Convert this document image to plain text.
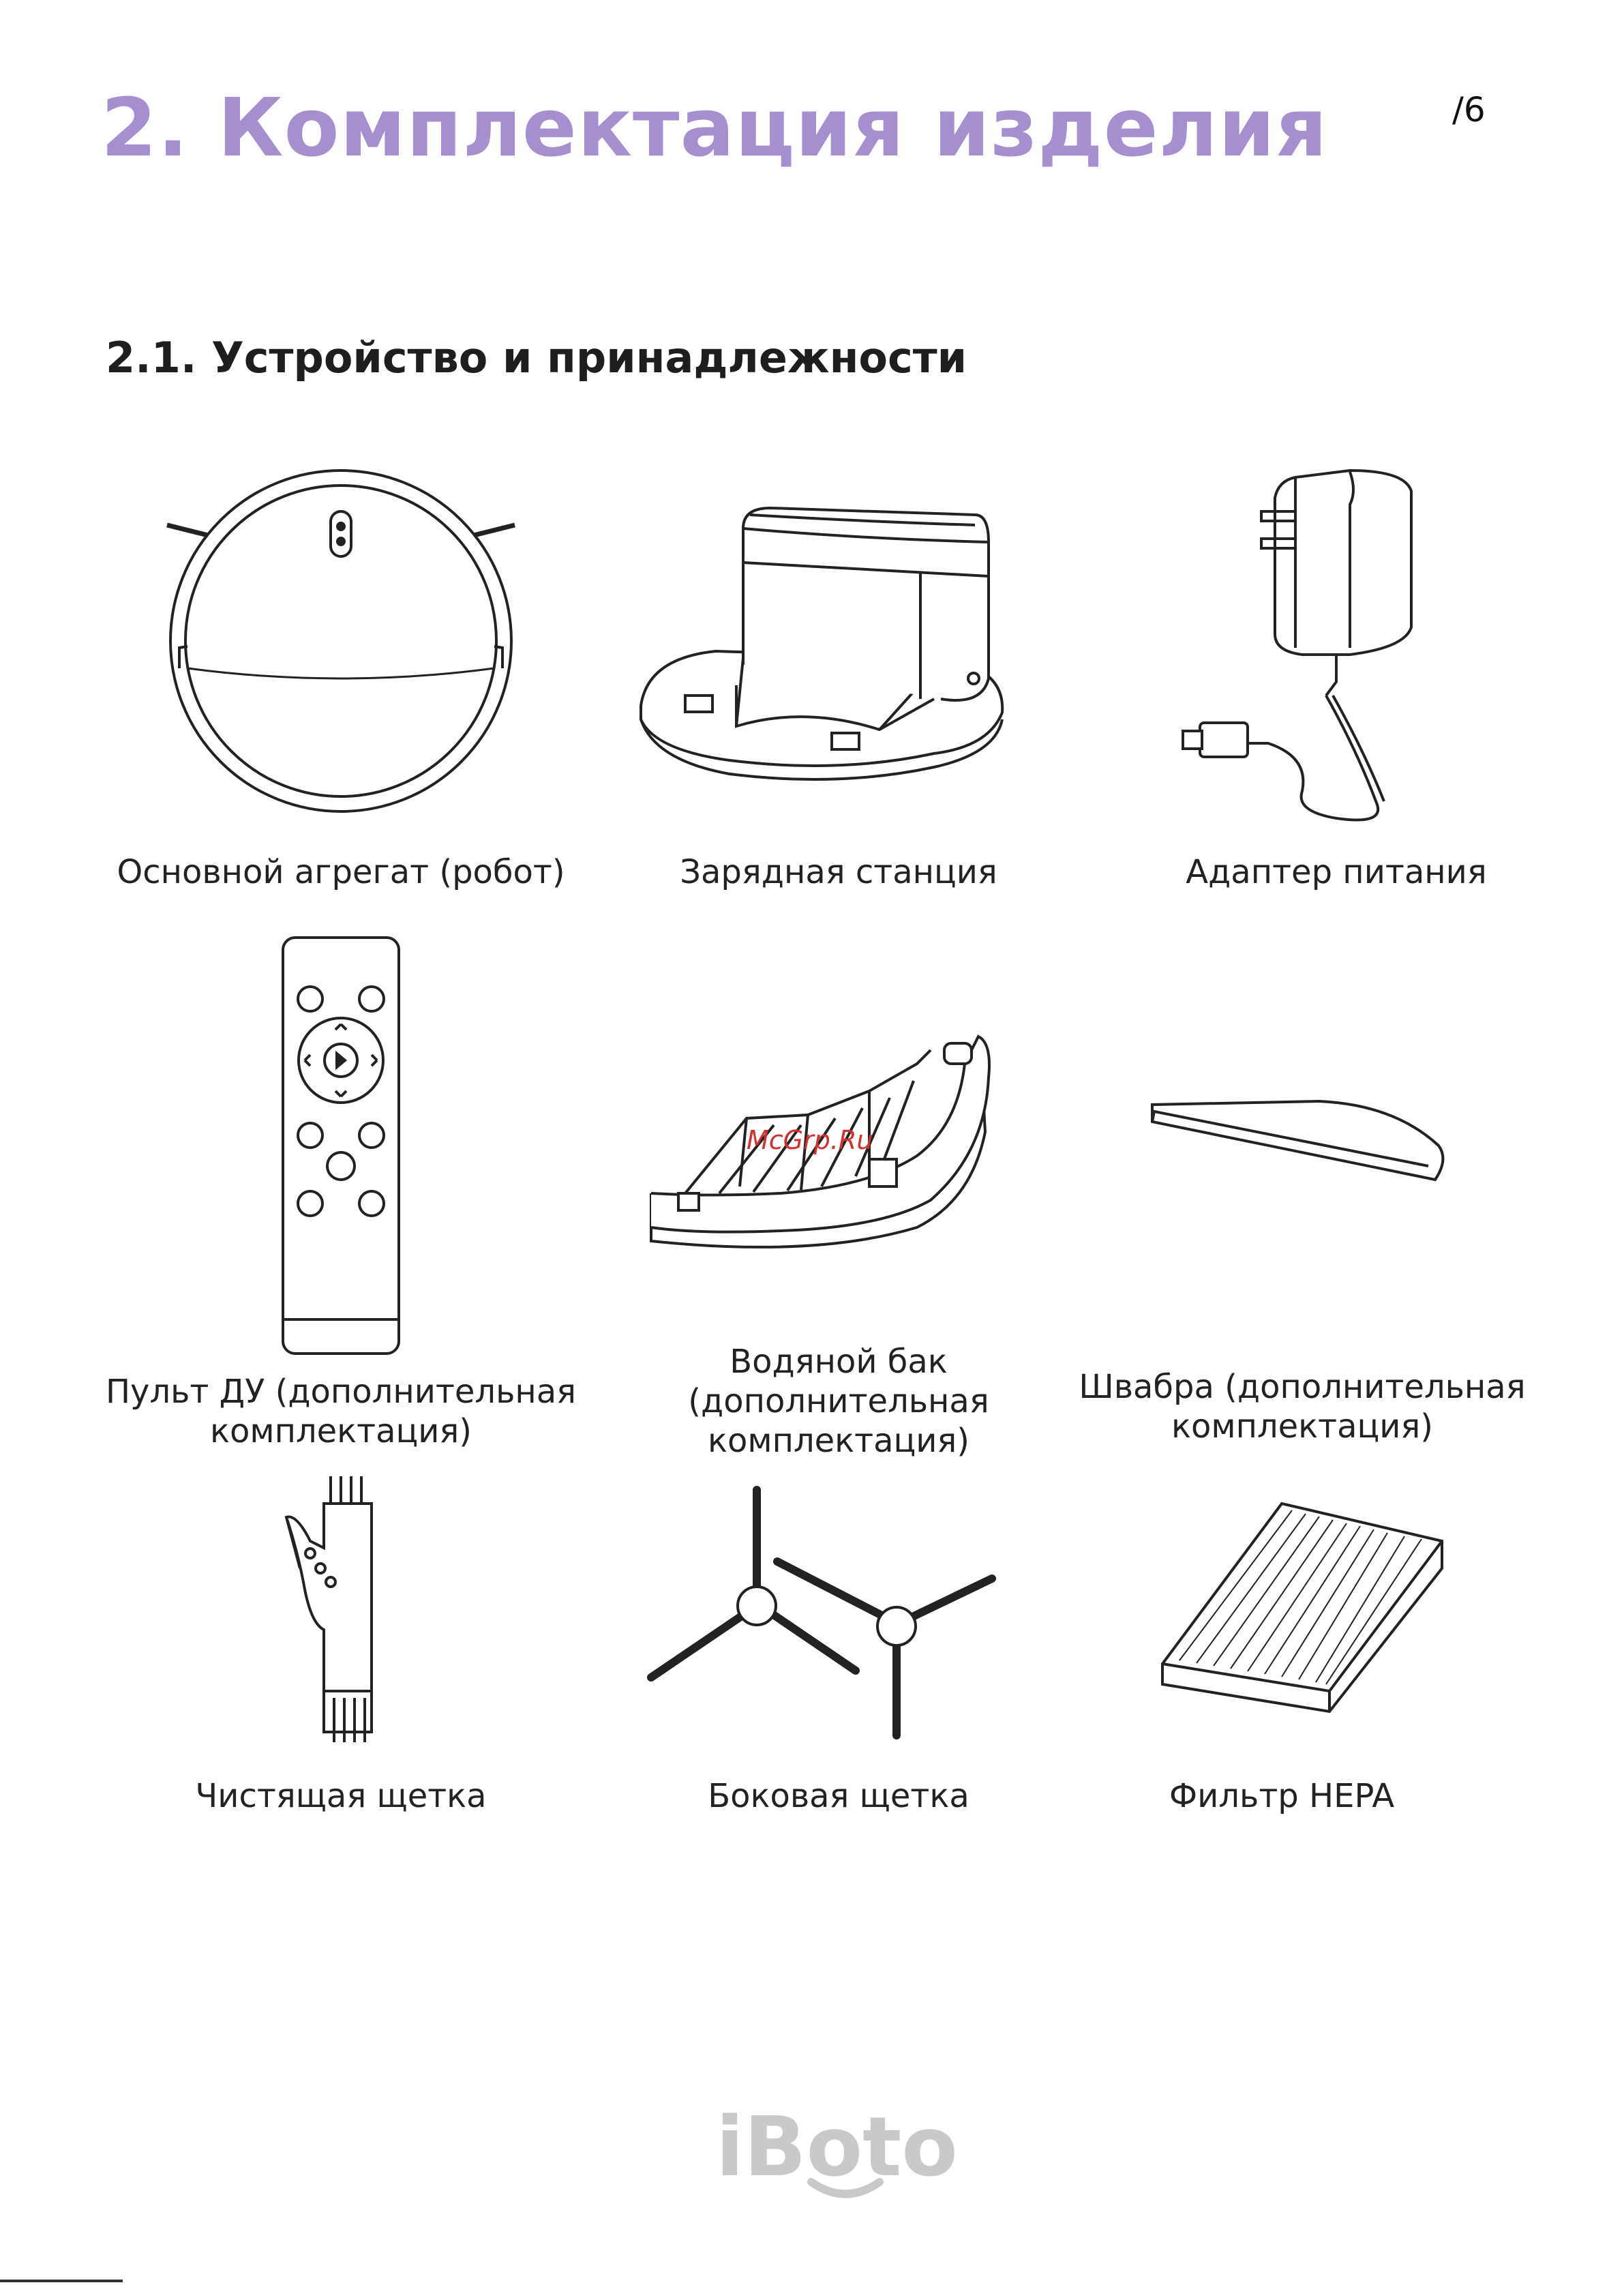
2. Комплектация изделия	/6
2.1. Устройство и принадлежности
Основной агрегат (робот)	Зарядная станция	Адаптер питания
Пульт ДУ (дополнительная
комплектация)
Водяной бак
(дополнительная
комплектация)
McGrp.Ru
Швабра (дополнительная
комплектация)
Чистящая щетка	Боковая щетка	Фильтр HEPA
iBoto
